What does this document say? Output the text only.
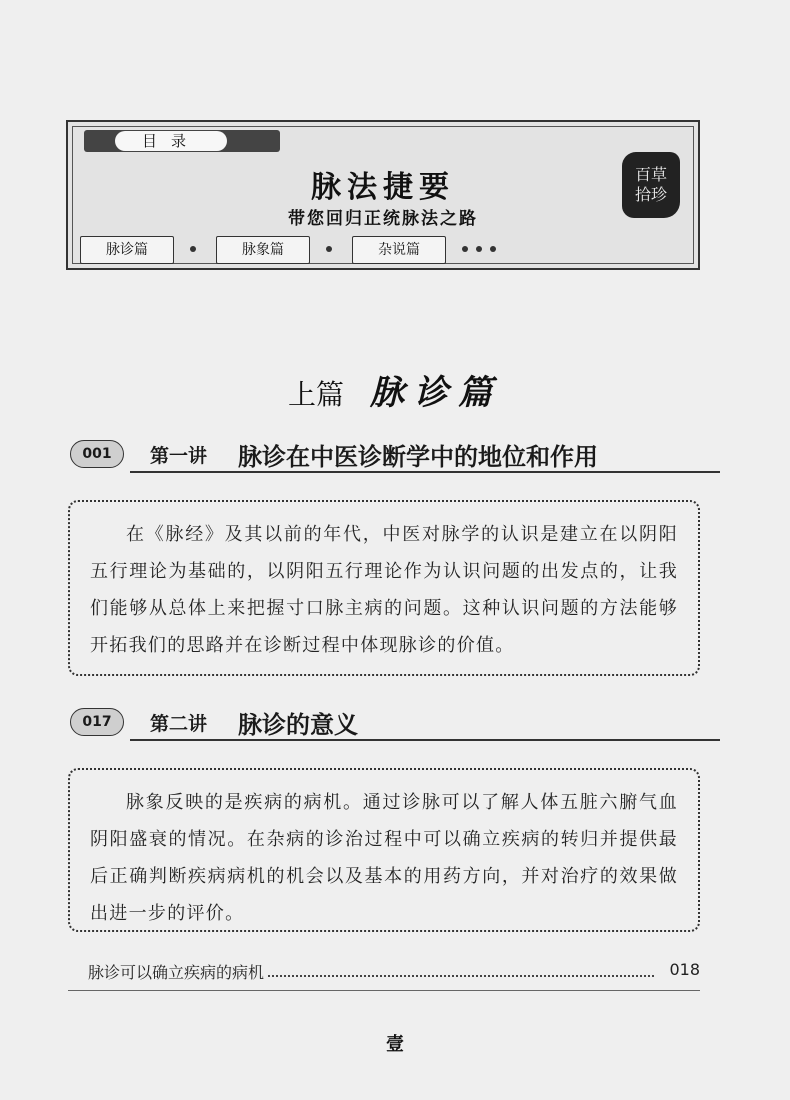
目录
脉法捷要
带您回归正统脉法之路
百草拾珍
脉诊篇	脉象篇	杂说篇
上篇 脉诊篇
001	第一讲 脉诊在中医诊断学中的地位和作用

在《脉经》及其以前的年代，中医对脉学的认识是建立在以阴阳五行理论为基础的，以阴阳五行理论作为认识问题的出发点的，让我们能够从总体上来把握寸口脉主病的问题。这种认识问题的方法能够开拓我们的思路并在诊断过程中体现脉诊的价值。

017	第二讲 脉诊的意义

脉象反映的是疾病的病机。通过诊脉可以了解人体五脏六腑气血阴阳盛衰的情况。在杂病的诊治过程中可以确立疾病的转归并提供最后正确判断疾病病机的机会以及基本的用药方向，并对治疗的效果做出进一步的评价。

脉诊可以确立疾病的病机	018
壹
